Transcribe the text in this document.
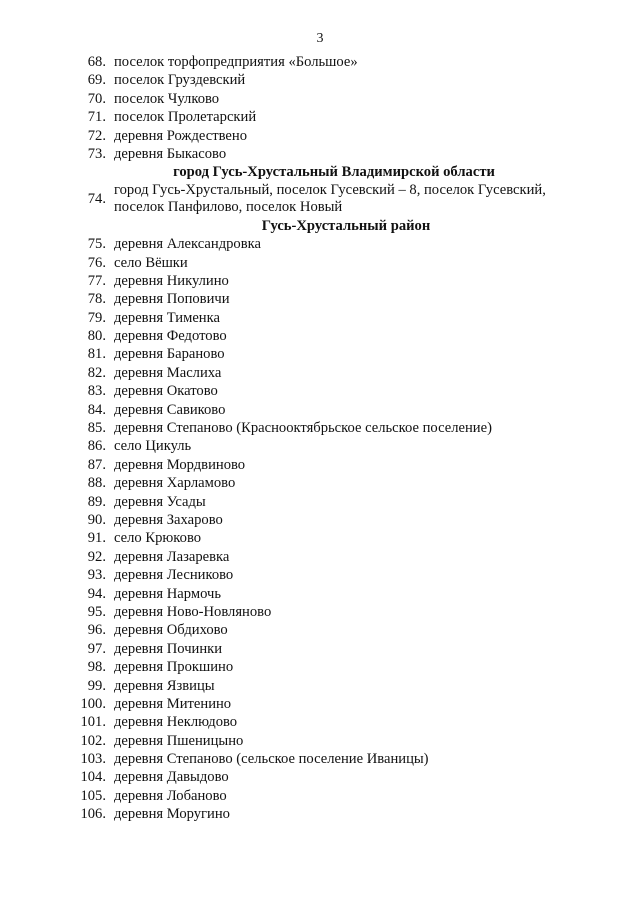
3
68. поселок торфопредприятия «Большое»
69. поселок Груздевский
70. поселок Чулково
71. поселок Пролетарский
72. деревня Рождествено
73. деревня Быкасово
город Гусь-Хрустальный Владимирской области
74.
город Гусь-Хрустальный, поселок Гусевский – 8, поселок Гусевский,
поселок Панфилово, поселок Новый
Гусь-Хрустальный район
75. деревня Александровка
76. село Вёшки
77. деревня Никулино
78. деревня Поповичи
79. деревня Тименка
80. деревня Федотово
81. деревня Бараново
82. деревня Маслиха
83. деревня Окатово
84. деревня Савиково
85. деревня Степаново (Краснооктябрьское сельское поселение)
86. село Цикуль
87. деревня Мордвиново
88. деревня Харламово
89. деревня Усады
90. деревня Захарово
91. село Крюково
92. деревня Лазаревка
93. деревня Лесниково
94. деревня Нармочь
95. деревня Ново-Новляново
96. деревня Обдихово
97. деревня Починки
98. деревня Прокшино
99. деревня Язвицы
100. деревня Митенино
101. деревня Неклюдово
102. деревня Пшеницыно
103. деревня Степаново (сельское поселение Иваницы)
104. деревня Давыдово
105. деревня Лобаново
106. деревня Моругино
